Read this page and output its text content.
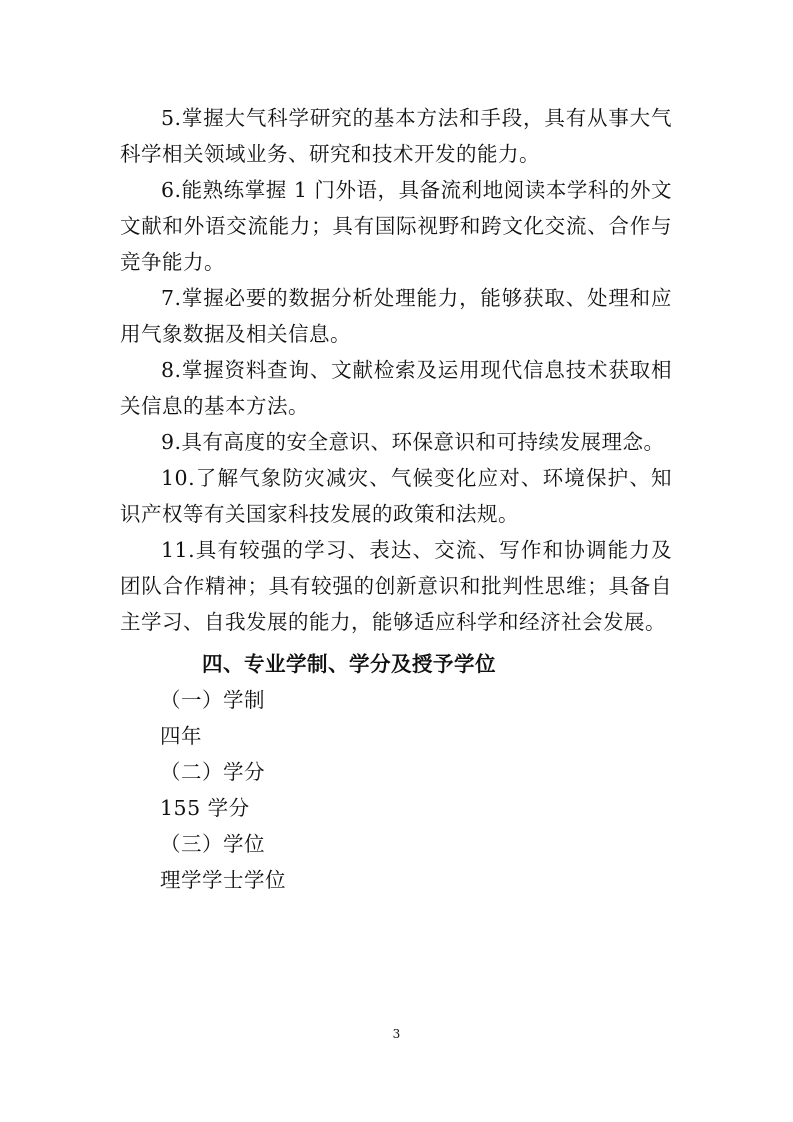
5.掌握大气科学研究的基本方法和手段，具有从事大气科学相关领域业务、研究和技术开发的能力。

6.能熟练掌握 1 门外语，具备流利地阅读本学科的外文文献和外语交流能力；具有国际视野和跨文化交流、合作与竞争能力。

7.掌握必要的数据分析处理能力，能够获取、处理和应用气象数据及相关信息。

8.掌握资料查询、文献检索及运用现代信息技术获取相关信息的基本方法。

9.具有高度的安全意识、环保意识和可持续发展理念。

10.了解气象防灾减灾、气候变化应对、环境保护、知识产权等有关国家科技发展的政策和法规。

11.具有较强的学习、表达、交流、写作和协调能力及团队合作精神；具有较强的创新意识和批判性思维；具备自主学习、自我发展的能力，能够适应科学和经济社会发展。

四、专业学制、学分及授予学位

（一）学制

四年

（二）学分

155 学分

（三）学位

理学学士学位

3
